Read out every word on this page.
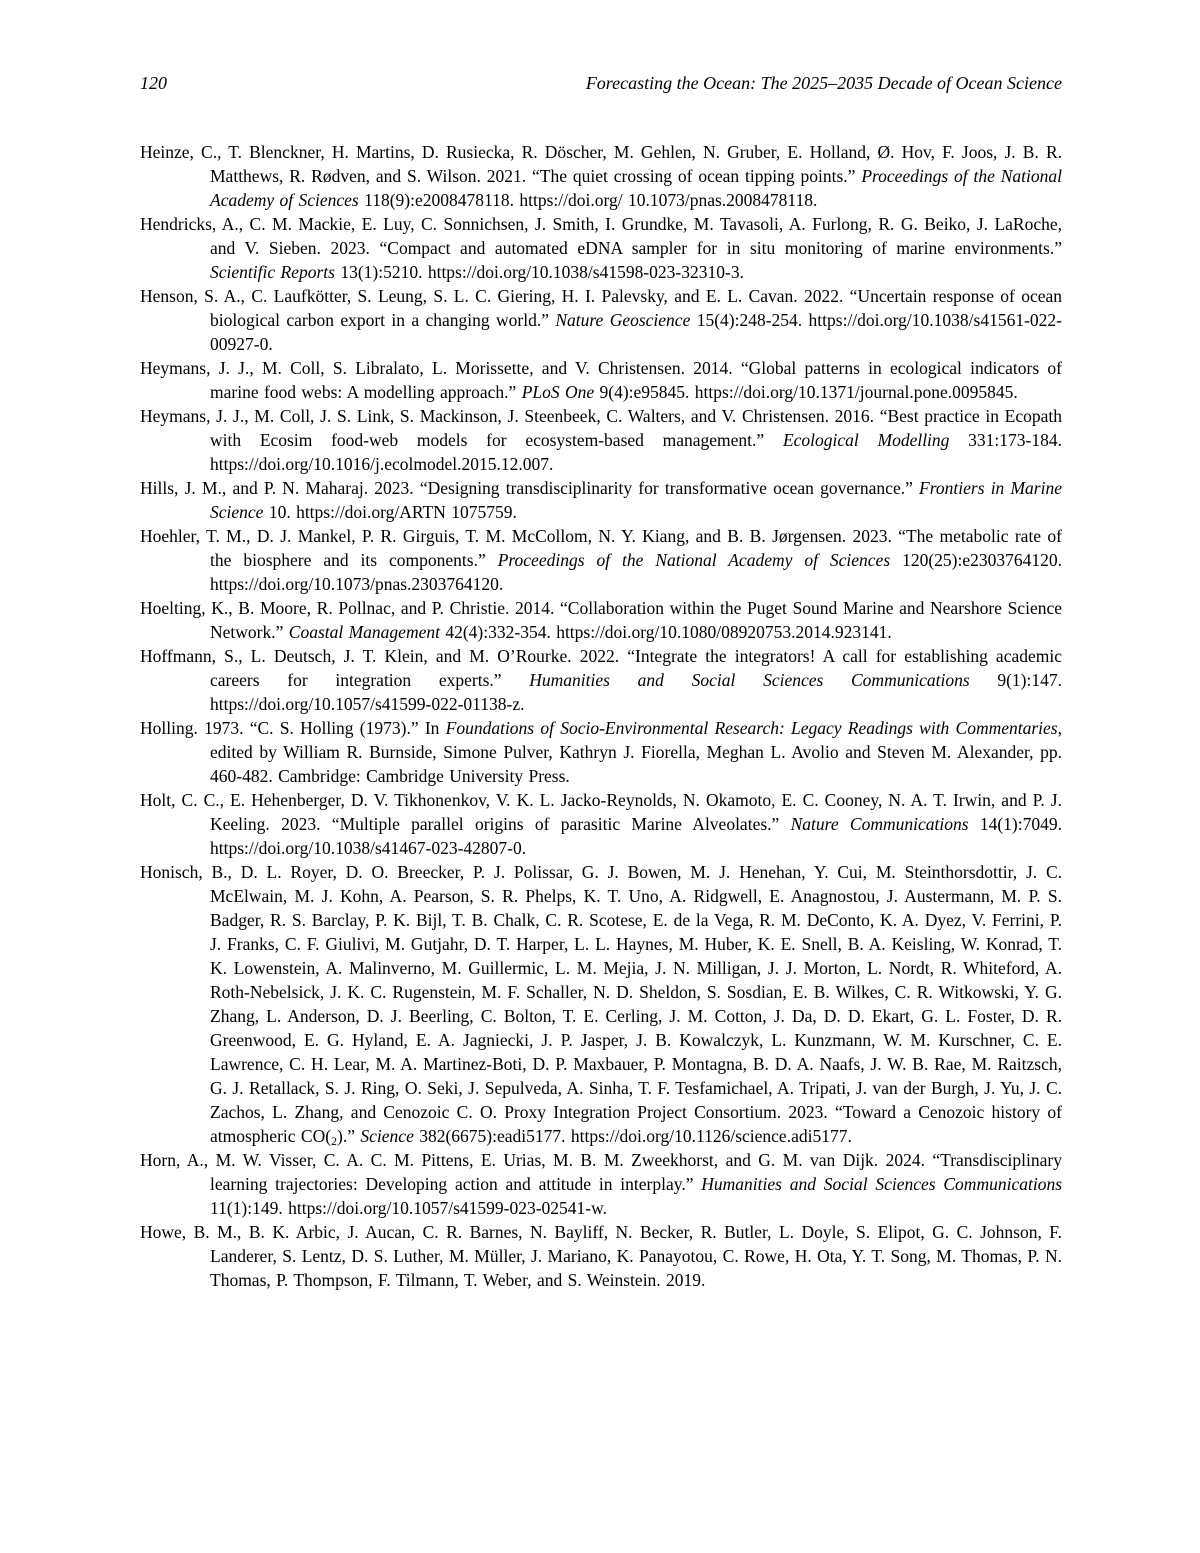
120	Forecasting the Ocean: The 2025–2035 Decade of Ocean Science

Heinze, C., T. Blenckner, H. Martins, D. Rusiecka, R. Döscher, M. Gehlen, N. Gruber, E. Holland, Ø. Hov, F. Joos, J. B. R. Matthews, R. Rødven, and S. Wilson. 2021. “The quiet crossing of ocean tipping points.” Proceedings of the National Academy of Sciences 118(9):e2008478118. https://doi.org/ 10.1073/pnas.2008478118.

Hendricks, A., C. M. Mackie, E. Luy, C. Sonnichsen, J. Smith, I. Grundke, M. Tavasoli, A. Furlong, R. G. Beiko, J. LaRoche, and V. Sieben. 2023. “Compact and automated eDNA sampler for in situ monitoring of marine environments.” Scientific Reports 13(1):5210. https://doi.org/10.1038/s41598-023-32310-3.

Henson, S. A., C. Laufkötter, S. Leung, S. L. C. Giering, H. I. Palevsky, and E. L. Cavan. 2022. “Uncertain response of ocean biological carbon export in a changing world.” Nature Geoscience 15(4):248-254. https://doi.org/10.1038/s41561-022-00927-0.

Heymans, J. J., M. Coll, S. Libralato, L. Morissette, and V. Christensen. 2014. “Global patterns in ecological indicators of marine food webs: A modelling approach.” PLoS One 9(4):e95845. https://doi.org/10.1371/journal.pone.0095845.

Heymans, J. J., M. Coll, J. S. Link, S. Mackinson, J. Steenbeek, C. Walters, and V. Christensen. 2016. “Best practice in Ecopath with Ecosim food-web models for ecosystem-based management.” Ecological Modelling 331:173-184. https://doi.org/10.1016/j.ecolmodel.2015.12.007.

Hills, J. M., and P. N. Maharaj. 2023. “Designing transdisciplinarity for transformative ocean governance.” Frontiers in Marine Science 10. https://doi.org/ARTN 1075759.

Hoehler, T. M., D. J. Mankel, P. R. Girguis, T. M. McCollom, N. Y. Kiang, and B. B. Jørgensen. 2023. “The metabolic rate of the biosphere and its components.” Proceedings of the National Academy of Sciences 120(25):e2303764120. https://doi.org/10.1073/pnas.2303764120.

Hoelting, K., B. Moore, R. Pollnac, and P. Christie. 2014. “Collaboration within the Puget Sound Marine and Nearshore Science Network.” Coastal Management 42(4):332-354. https://doi.org/10.1080/08920753.2014.923141.

Hoffmann, S., L. Deutsch, J. T. Klein, and M. O’Rourke. 2022. “Integrate the integrators! A call for establishing academic careers for integration experts.” Humanities and Social Sciences Communications 9(1):147. https://doi.org/10.1057/s41599-022-01138-z.

Holling. 1973. “C. S. Holling (1973).” In Foundations of Socio-Environmental Research: Legacy Readings with Commentaries, edited by William R. Burnside, Simone Pulver, Kathryn J. Fiorella, Meghan L. Avolio and Steven M. Alexander, pp. 460-482. Cambridge: Cambridge University Press.

Holt, C. C., E. Hehenberger, D. V. Tikhonenkov, V. K. L. Jacko-Reynolds, N. Okamoto, E. C. Cooney, N. A. T. Irwin, and P. J. Keeling. 2023. “Multiple parallel origins of parasitic Marine Alveolates.” Nature Communications 14(1):7049. https://doi.org/10.1038/s41467-023-42807-0.

Honisch, B., D. L. Royer, D. O. Breecker, P. J. Polissar, G. J. Bowen, M. J. Henehan, Y. Cui, M. Steinthorsdottir, J. C. McElwain, M. J. Kohn, A. Pearson, S. R. Phelps, K. T. Uno, A. Ridgwell, E. Anagnostou, J. Austermann, M. P. S. Badger, R. S. Barclay, P. K. Bijl, T. B. Chalk, C. R. Scotese, E. de la Vega, R. M. DeConto, K. A. Dyez, V. Ferrini, P. J. Franks, C. F. Giulivi, M. Gutjahr, D. T. Harper, L. L. Haynes, M. Huber, K. E. Snell, B. A. Keisling, W. Konrad, T. K. Lowenstein, A. Malinverno, M. Guillermic, L. M. Mejia, J. N. Milligan, J. J. Morton, L. Nordt, R. Whiteford, A. Roth-Nebelsick, J. K. C. Rugenstein, M. F. Schaller, N. D. Sheldon, S. Sosdian, E. B. Wilkes, C. R. Witkowski, Y. G. Zhang, L. Anderson, D. J. Beerling, C. Bolton, T. E. Cerling, J. M. Cotton, J. Da, D. D. Ekart, G. L. Foster, D. R. Greenwood, E. G. Hyland, E. A. Jagniecki, J. P. Jasper, J. B. Kowalczyk, L. Kunzmann, W. M. Kurschner, C. E. Lawrence, C. H. Lear, M. A. Martinez-Boti, D. P. Maxbauer, P. Montagna, B. D. A. Naafs, J. W. B. Rae, M. Raitzsch, G. J. Retallack, S. J. Ring, O. Seki, J. Sepulveda, A. Sinha, T. F. Tesfamichael, A. Tripati, J. van der Burgh, J. Yu, J. C. Zachos, L. Zhang, and Cenozoic C. O. Proxy Integration Project Consortium. 2023. “Toward a Cenozoic history of atmospheric $CO(_2)$.” Science 382(6675):eadi5177. https://doi.org/10.1126/science.adi5177.

Horn, A., M. W. Visser, C. A. C. M. Pittens, E. Urias, M. B. M. Zweekhorst, and G. M. van Dijk. 2024. “Transdisciplinary learning trajectories: Developing action and attitude in interplay.” Humanities and Social Sciences Communications 11(1):149. https://doi.org/10.1057/s41599-023-02541-w.

Howe, B. M., B. K. Arbic, J. Aucan, C. R. Barnes, N. Bayliff, N. Becker, R. Butler, L. Doyle, S. Elipot, G. C. Johnson, F. Landerer, S. Lentz, D. S. Luther, M. Müller, J. Mariano, K. Panayotou, C. Rowe, H. Ota, Y. T. Song, M. Thomas, P. N. Thomas, P. Thompson, F. Tilmann, T. Weber, and S. Weinstein. 2019.
